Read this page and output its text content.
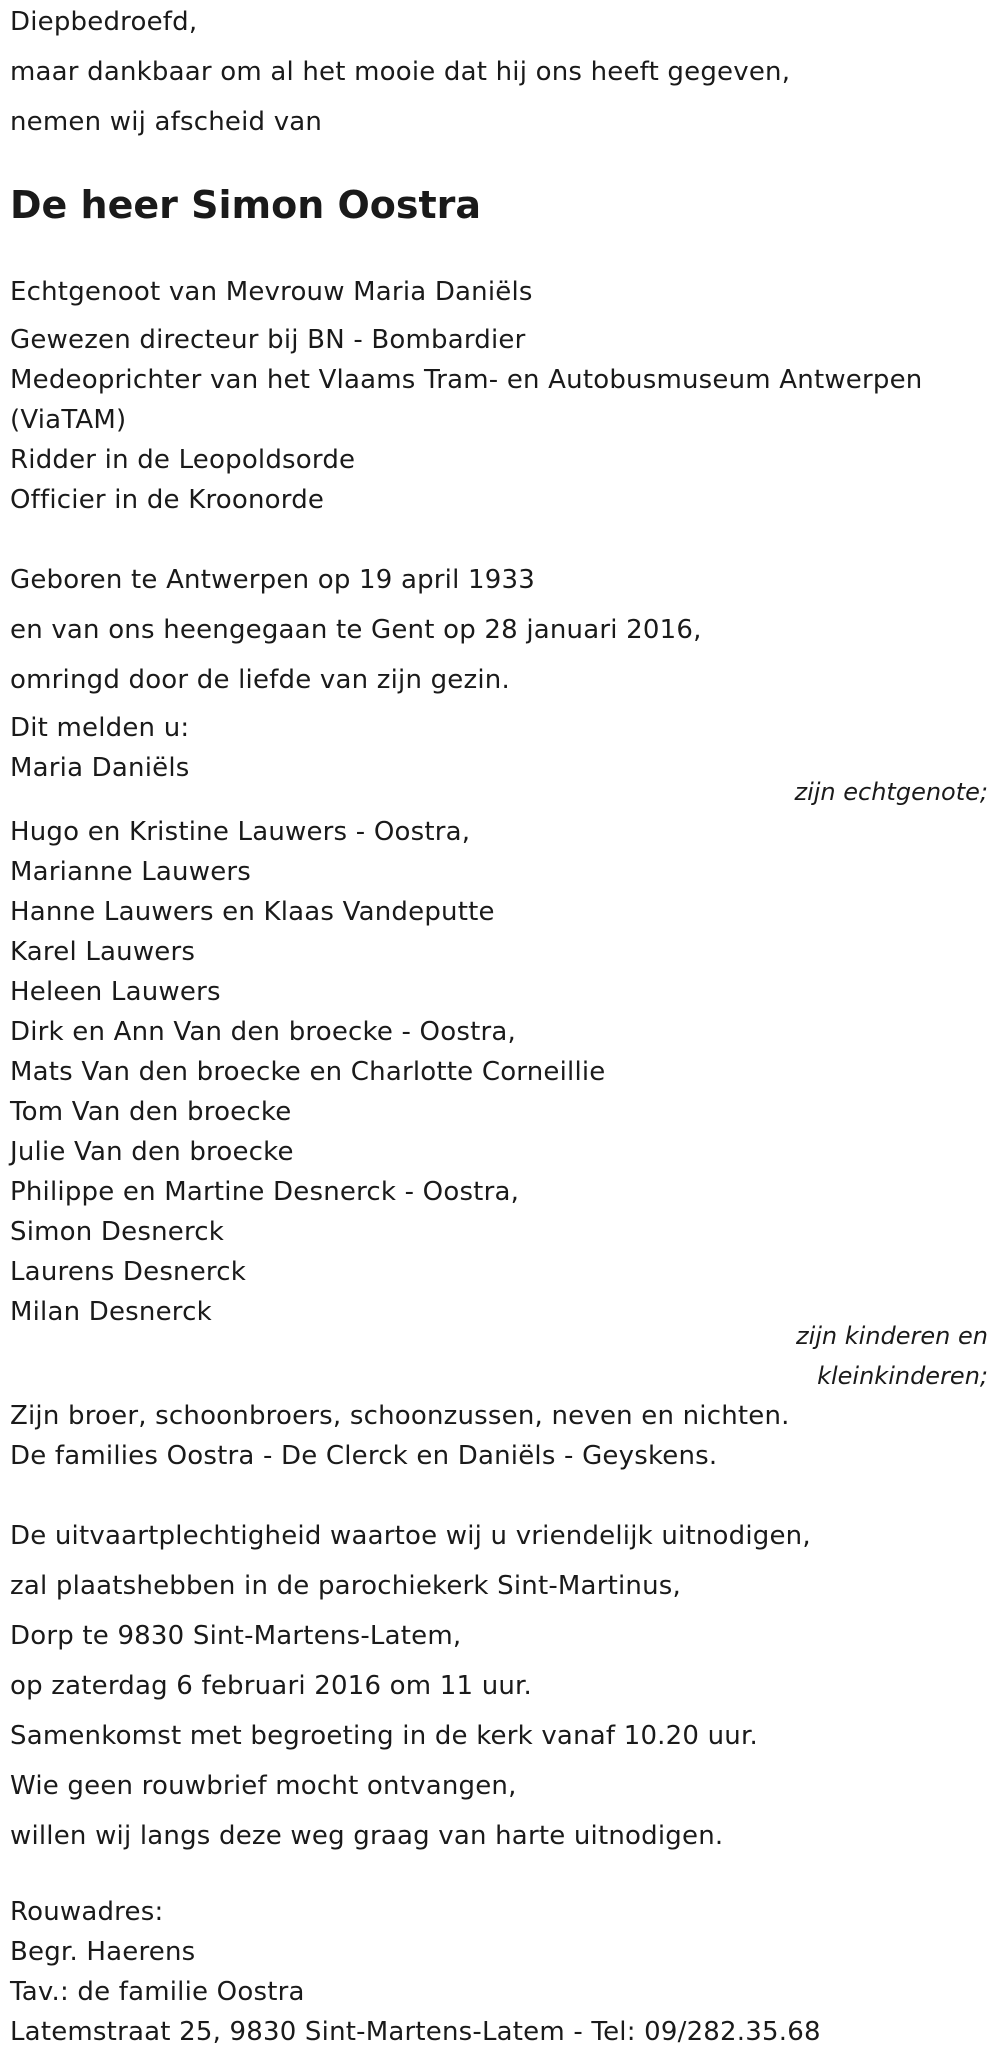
Diepbedroefd,
maar dankbaar om al het mooie dat hij ons heeft gegeven,
nemen wij afscheid van
De heer Simon Oostra
Echtgenoot van Mevrouw Maria Daniëls
Gewezen directeur bij BN - Bombardier
Medeoprichter van het Vlaams Tram- en Autobusmuseum Antwerpen
(ViaTAM)
Ridder in de Leopoldsorde
Officier in de Kroonorde
Geboren te Antwerpen op 19 april 1933
en van ons heengegaan te Gent op 28 januari 2016,
omringd door de liefde van zijn gezin.
Dit melden u:
Maria Daniëls
zijn echtgenote;
Hugo en Kristine Lauwers - Oostra,
Marianne Lauwers
Hanne Lauwers en Klaas Vandeputte
Karel Lauwers
Heleen Lauwers
Dirk en Ann Van den broecke - Oostra,
Mats Van den broecke en Charlotte Corneillie
Tom Van den broecke
Julie Van den broecke
Philippe en Martine Desnerck - Oostra,
Simon Desnerck
Laurens Desnerck
Milan Desnerck
zijn kinderen en
kleinkinderen;
Zijn broer, schoonbroers, schoonzussen, neven en nichten.
De families Oostra - De Clerck en Daniëls - Geyskens.
De uitvaartplechtigheid waartoe wij u vriendelijk uitnodigen,
zal plaatshebben in de parochiekerk Sint-Martinus,
Dorp te 9830 Sint-Martens-Latem,
op zaterdag 6 februari 2016 om 11 uur.
Samenkomst met begroeting in de kerk vanaf 10.20 uur.
Wie geen rouwbrief mocht ontvangen,
willen wij langs deze weg graag van harte uitnodigen.
Rouwadres:
Begr. Haerens
Tav.: de familie Oostra
Latemstraat 25, 9830 Sint-Martens-Latem - Tel: 09/282.35.68
